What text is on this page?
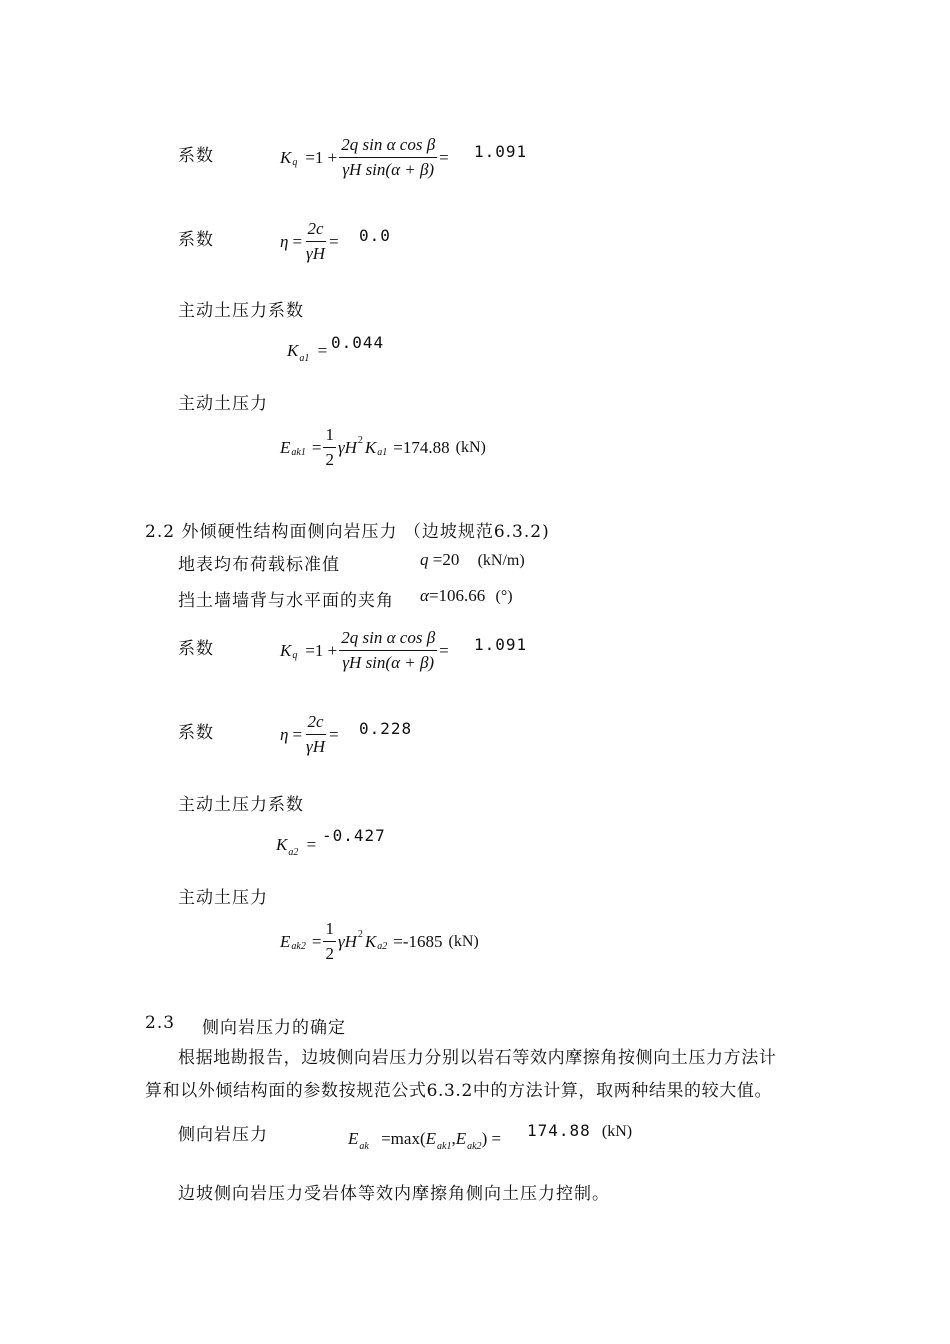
系数	K $q =1 + \frac{\text{2q sin α cos β}}{\text{γH sin(α + β)}} = 1.091$
系数	$\eta = \frac{2c}{\gamma H} = 0.0$
主动土压力系数
$K_{a1} = 0.044$
主动土压力
E $ak1 = \frac{1}{2}$ γH 2 K a1 =174.88 (kN)
2.2 外倾硬性结构面侧向岩压力 （边坡规范6.3.2)
地表均布荷载标准值	q =20 (kN/m)
挡土墙墙背与水平面的夹角 α=106.66 (°)
系数	K $q =1 + \frac{\text{2q sin α cos β}}{\text{γH sin(α + β)}} = 1.091$
系数	$\eta = \frac{2c}{\gamma H} = 0.228$
主动土压力系数
$K_{a2} = -0.427$
主动土压力
E $ak2 = \frac{1}{2}$ γH 2 K a2 =-1685 (kN)
2.3 侧向岩压力的确定
根据地勘报告，边坡侧向岩压力分别以岩石等效内摩擦角按侧向土压力方法计
算和以外倾结构面的参数按规范公式6.3.2中的方法计算，取两种结果的较大值。
侧向岩压力	$E_{ak} =\max(E_{ak1},E_{ak2}) = 174.88$ (kN)
边坡侧向岩压力受岩体等效内摩擦角侧向土压力控制。
